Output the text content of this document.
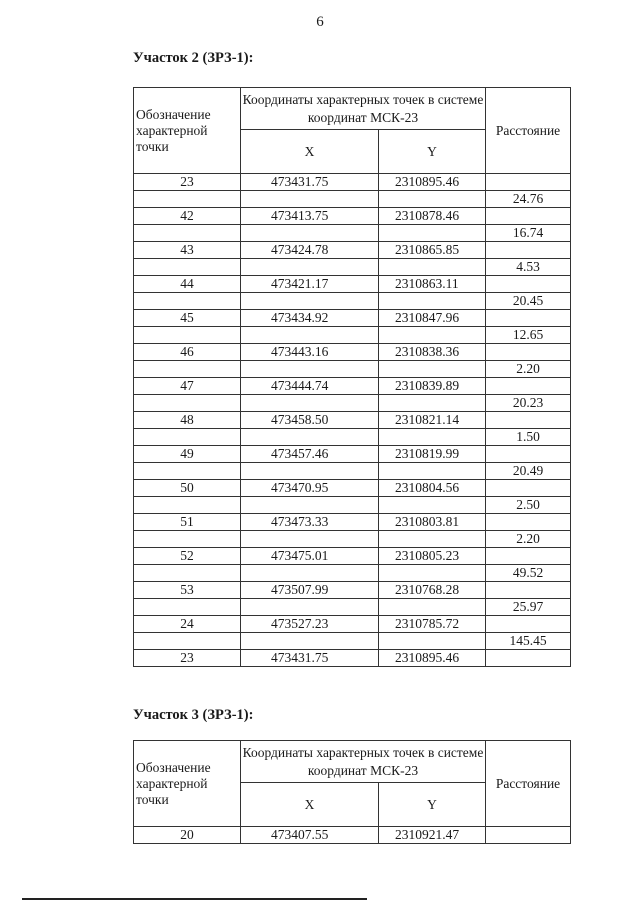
6
Участок 2 (ЗРЗ-1):
Обозначение характерной точки	Координаты характерных точек в системе координат МСК-23		Расстояние
	X	Y	
23	473431.75	2310895.46	
			24.76
42	473413.75	2310878.46	
			16.74
43	473424.78	2310865.85	
			4.53
44	473421.17	2310863.11	
			20.45
45	473434.92	2310847.96	
			12.65
46	473443.16	2310838.36	
			2.20
47	473444.74	2310839.89	
			20.23
48	473458.50	2310821.14	
			1.50
49	473457.46	2310819.99	
			20.49
50	473470.95	2310804.56	
			2.50
51	473473.33	2310803.81	
			2.20
52	473475.01	2310805.23	
			49.52
53	473507.99	2310768.28	
			25.97
24	473527.23	2310785.72	
			145.45
23	473431.75	2310895.46	
Участок 3 (ЗРЗ-1):
Обозначение характерной точки	Координаты характерных точек в системе координат МСК-23		Расстояние
	X	Y	
20	473407.55	2310921.47	
